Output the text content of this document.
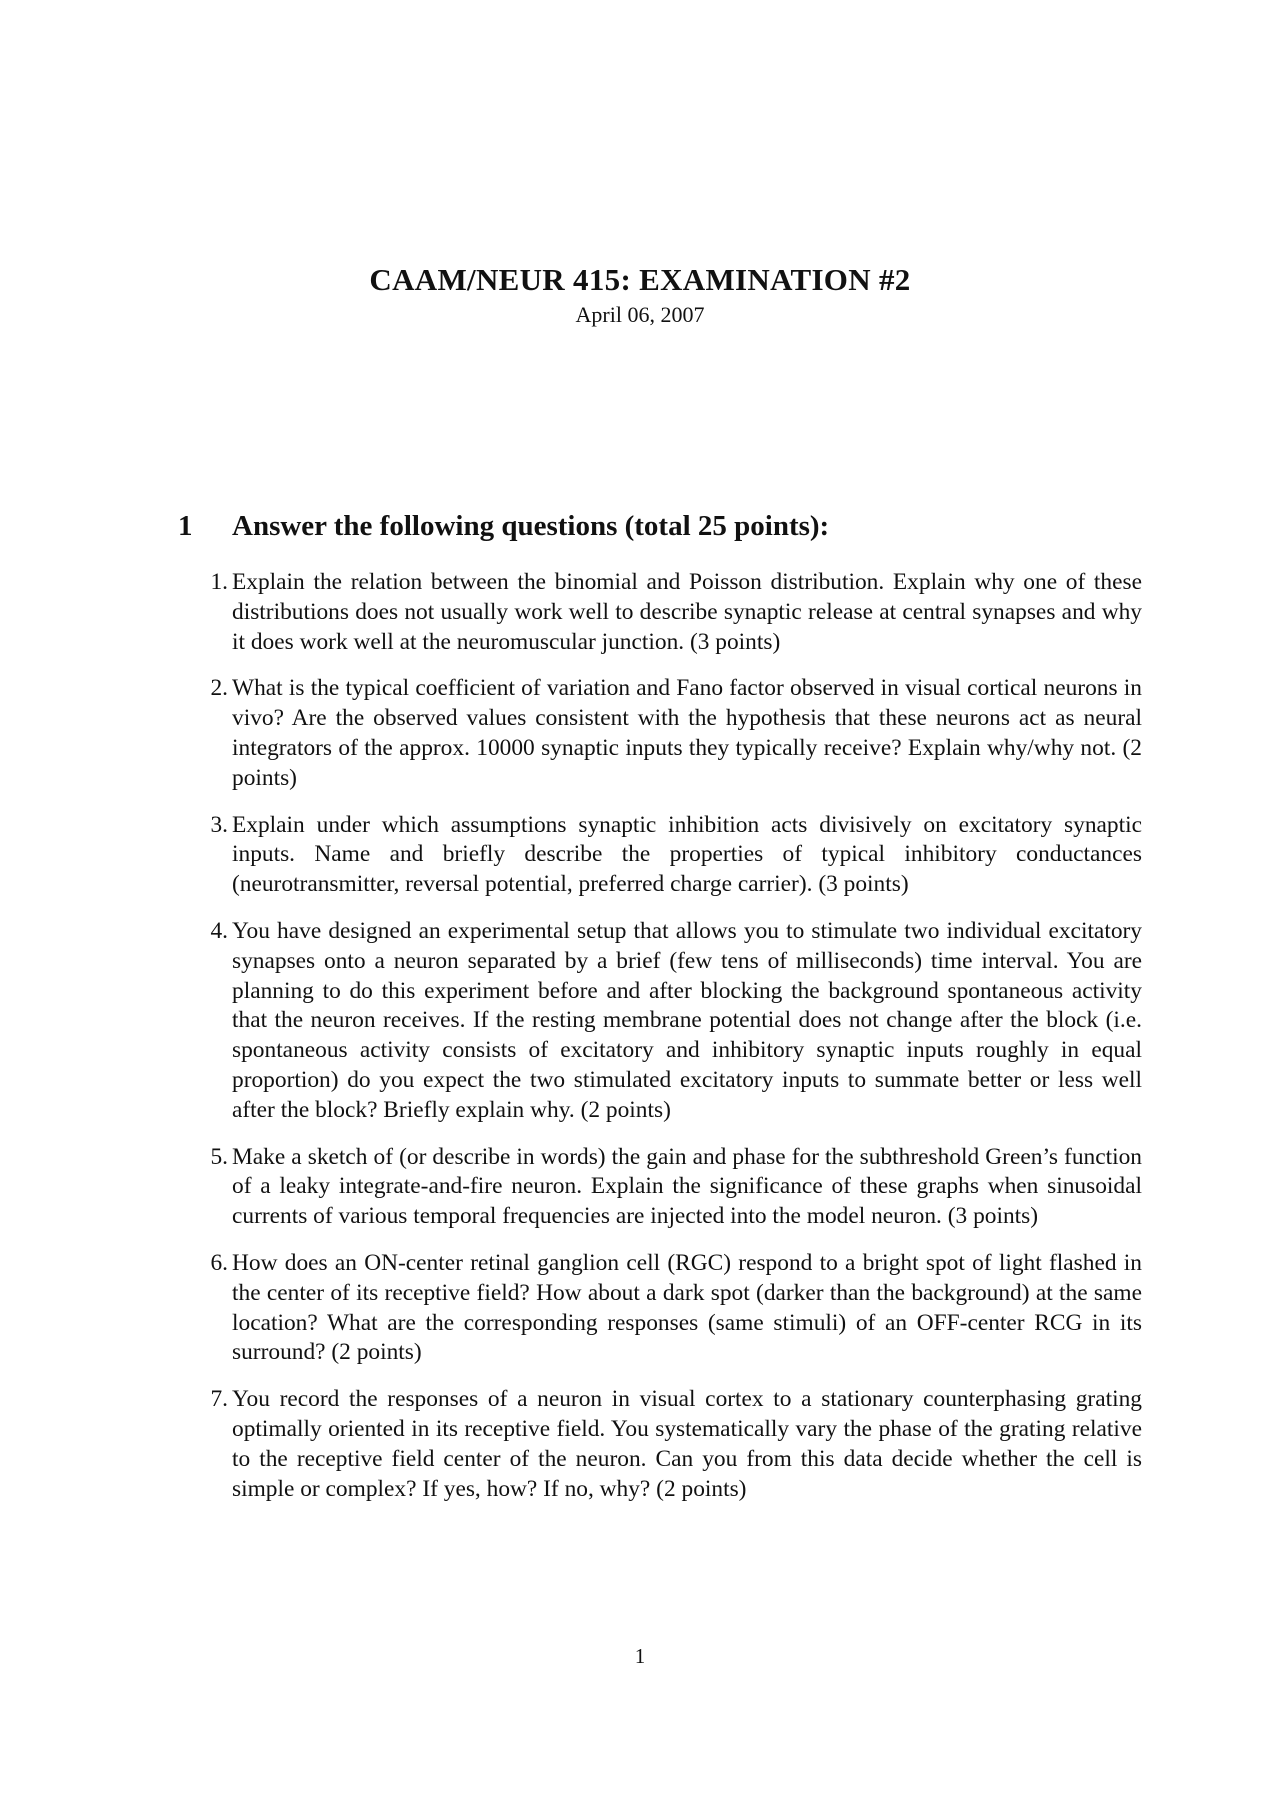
CAAM/NEUR 415: EXAMINATION #2
April 06, 2007
1 Answer the following questions (total 25 points):
1. Explain the relation between the binomial and Poisson distribution. Explain why one of these distributions does not usually work well to describe synaptic release at central synapses and why it does work well at the neuromuscular junction. (3 points)
2. What is the typical coefficient of variation and Fano factor observed in visual cortical neurons in vivo? Are the observed values consistent with the hypothesis that these neurons act as neural integrators of the approx. 10000 synaptic inputs they typically receive? Explain why/why not. (2 points)
3. Explain under which assumptions synaptic inhibition acts divisively on excitatory synaptic inputs. Name and briefly describe the properties of typical inhibitory conductances (neurotransmitter, reversal potential, preferred charge carrier). (3 points)
4. You have designed an experimental setup that allows you to stimulate two individual excitatory synapses onto a neuron separated by a brief (few tens of milliseconds) time interval. You are planning to do this experiment before and after blocking the background spontaneous activity that the neuron receives. If the resting membrane potential does not change after the block (i.e. spontaneous activity consists of excitatory and inhibitory synaptic inputs roughly in equal proportion) do you expect the two stimulated excitatory inputs to summate better or less well after the block? Briefly explain why. (2 points)
5. Make a sketch of (or describe in words) the gain and phase for the subthreshold Green’s function of a leaky integrate-and-fire neuron. Explain the significance of these graphs when sinusoidal currents of various temporal frequencies are injected into the model neuron. (3 points)
6. How does an ON-center retinal ganglion cell (RGC) respond to a bright spot of light flashed in the center of its receptive field? How about a dark spot (darker than the background) at the same location? What are the corresponding responses (same stimuli) of an OFF-center RCG in its surround? (2 points)
7. You record the responses of a neuron in visual cortex to a stationary counterphasing grating optimally oriented in its receptive field. You systematically vary the phase of the grating relative to the receptive field center of the neuron. Can you from this data decide whether the cell is simple or complex? If yes, how? If no, why? (2 points)
1
